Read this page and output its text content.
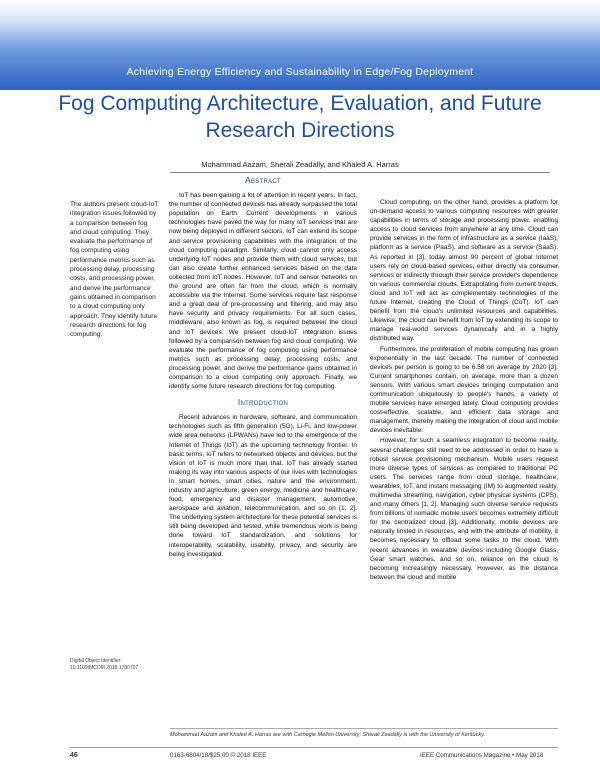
Achieving Energy Efficiency and Sustainability in Edge/Fog Deployment
Fog Computing Architecture, Evaluation, and Future Research Directions
Mohammad Aazam, Sherali Zeadally, and Khaled A. Harras
The authors present cloud-IoT integration issues followed by a comparison between fog and cloud computing. They evaluate the performance of fog computing using performance metrics such as processing delay, processing costs, and processing power, and derive the performance gains obtained in comparison to a cloud computing only approach. They identify future research directions for fog computing.
Abstract

IoT has been gaining a lot of attention in recent years. In fact, the number of connected devices has already surpassed the total population on Earth. Current developments in various technologies have paved the way for many IoT services that are now being deployed in different sectors. IoT can extend its scope and service provisioning capabilities with the integration of the cloud computing paradigm. Similarly, cloud cannot only access underlying IoT nodes and provide them with cloud services, but can also create further enhanced services based on the data collected from IoT nodes. However, IoT and sensor networks on the ground are often far from the cloud, which is normally accessible via the Internet. Some services require fast response and a great deal of pre-processing and filtering, and may also have security and privacy requirements. For all such cases, middleware, also known as fog, is required between the cloud and IoT devices. We present cloud-IoT integration issues followed by a comparison between fog and cloud computing. We evaluate the performance of fog computing using performance metrics such as processing delay, processing costs, and processing power, and derive the performance gains obtained in comparison to a cloud computing only approach. Finally, we identify some future research directions for fog computing.

Introduction

Recent advances in hardware, software, and communication technologies such as fifth generation (5G), Li-Fi, and low-power wide area networks (LPWANs) have led to the emergence of the Internet of Things (IoT) as the upcoming technology frontier. In basic terms, IoT refers to networked objects and devices, but the vision of IoT is much more than that. IoT has already started making its way into various aspects of our lives with technologies in smart homes, smart cities, nature and the environment, industry and agriculture, green energy, medicine and healthcare, food, emergency and disaster management, automotive, aerospace and aviation, telecommunication, and so on [1, 2]. The underlying system architecture for these potential services is still being developed and tested, while tremendous work is being done toward IoT standardization, and solutions for interoperability, scalability, usability, privacy, and security are being investigated.

Cloud computing, on the other hand, provides a platform for on-demand access to various computing resources with greater capabilities in terms of storage and processing power, enabling access to cloud services from anywhere at any time. Cloud can provide services in the form of infrastructure as a service (IaaS), platform as a service (PaaS), and software as a service (SaaS). As reported in [3], today almost 90 percent of global Internet users rely on cloud-based services, either directly via consumer services or indirectly through their service provider's dependence on various commercial clouds. Extrapolating from current trends, cloud and IoT will act as complementary technologies of the future Internet, creating the Cloud of Things (CoT). IoT can benefit from the cloud's unlimited resources and capabilities. Likewise, the cloud can benefit from IoT by extending its scope to manage real-world services dynamically and in a highly distributed way.

Furthermore, the proliferation of mobile computing has grown exponentially in the last decade. The number of connected devices per person is going to be 6.58 on average by 2020 [3]. Current smartphones contain, on average, more than a dozen sensors. With various smart devices bringing computation and communication ubiquitously to people's hands, a variety of mobile services have emerged lately. Cloud computing provides cost-effective, scalable, and efficient data storage and management, thereby making the integration of cloud and mobile devices inevitable.

However, for such a seamless integration to become reality, several challenges still need to be addressed in order to have a robust service provisioning mechanism. Mobile users request more diverse types of services as compared to traditional PC users. The services range from cloud storage, healthcare, wearables, IoT, and instant messaging (IM) to augmented reality, multimedia streaming, navigation, cyber physical systems (CPS), and many others [1, 2]. Managing such diverse service requests from billions of nomadic mobile users becomes extremely difficult for the centralized cloud [3]. Additionally, mobile devices are naturally limited in resources, and with the attribute of mobility, it becomes necessary to offload some tasks to the cloud. With recent advances in wearable devices including Google Glass, Gear smart watches, and so on, reliance on the cloud is becoming increasingly necessary. However, as the distance between the cloud and mobile

Digital Object Identifier:
10.1109/MCOM.2018.1700707
Mohammad Aazam and Khaled A. Harras are with Carnegie Mellon University; Sherali Zeadally is with the University of Kentucky.
46	0163-6804/18/$25.00 © 2018 IEEE	IEEE Communications Magazine • May 2018
